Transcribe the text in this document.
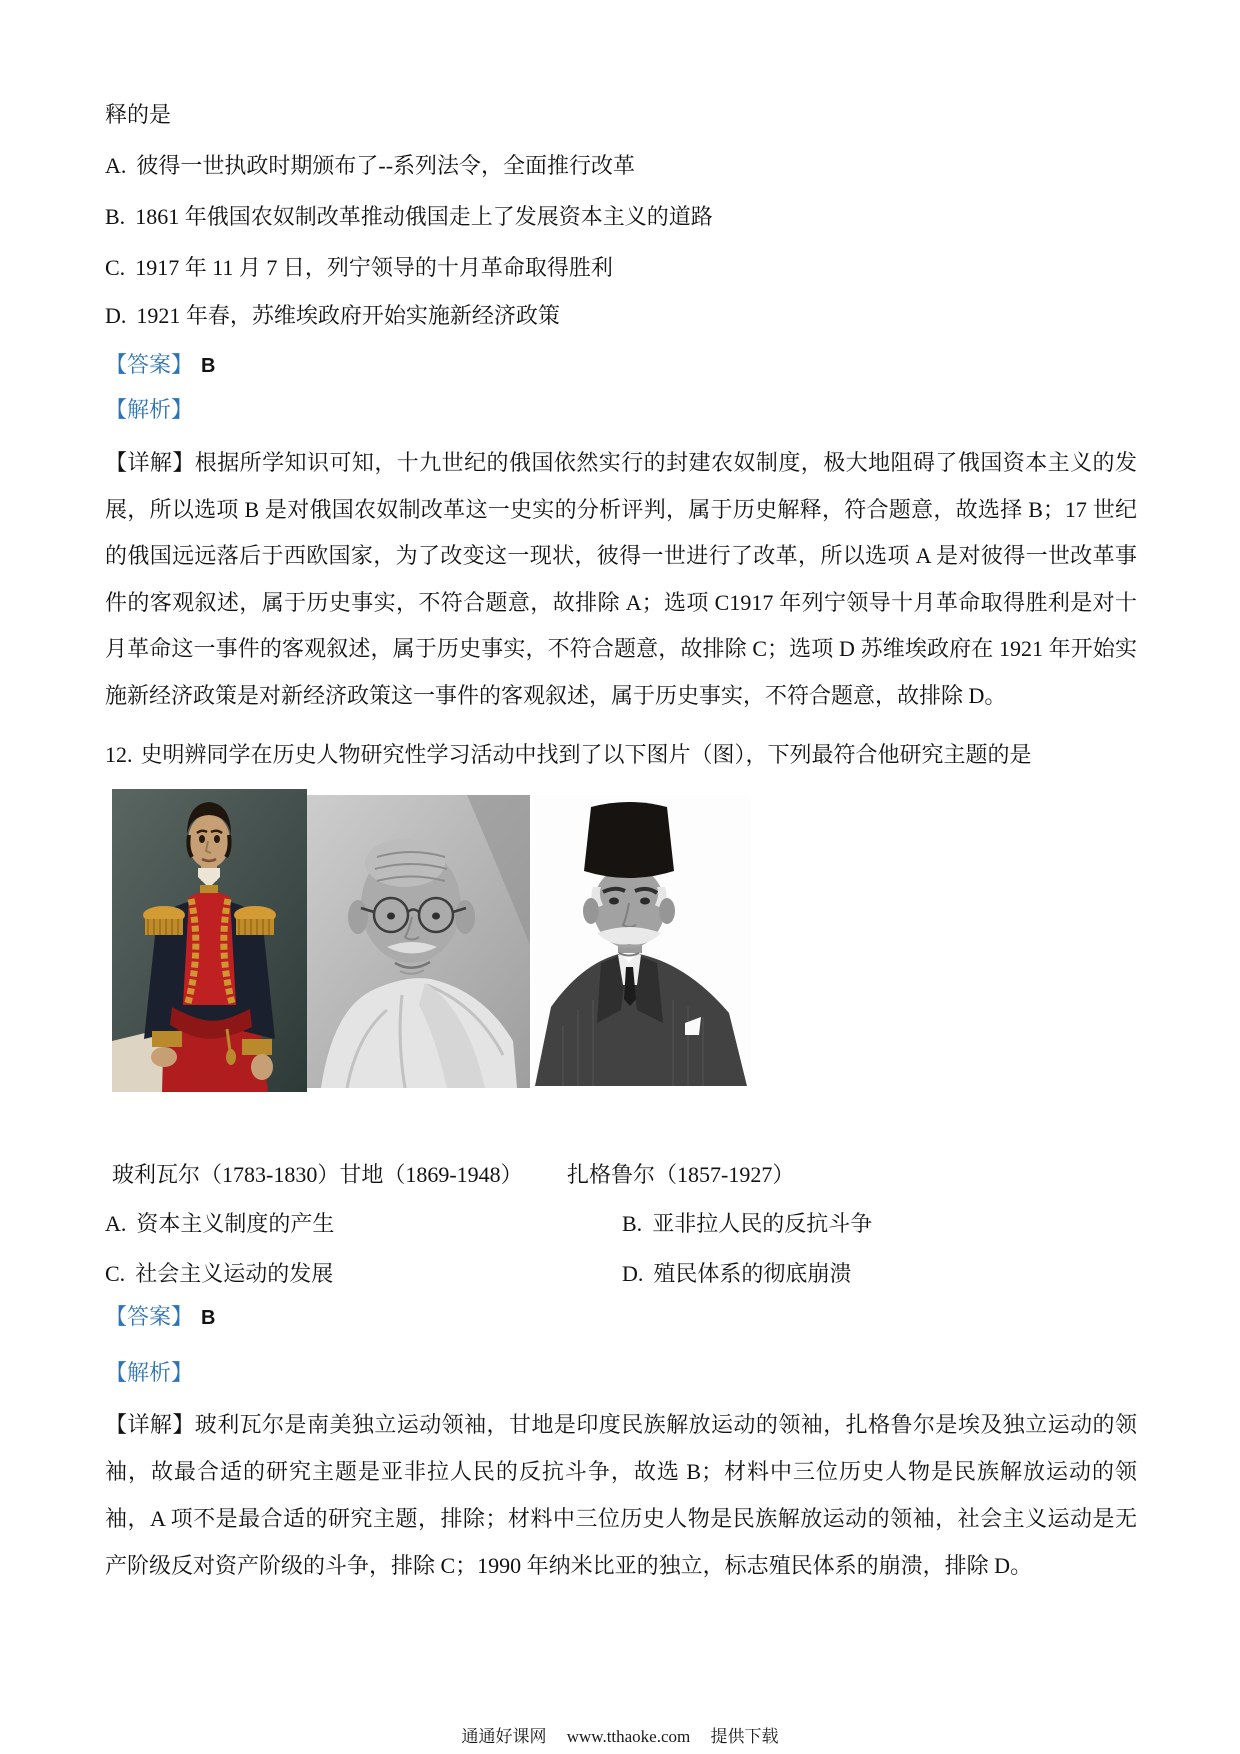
释的是
A. 彼得一世执政时期颁布了--系列法令，全面推行改革
B. 1861 年俄国农奴制改革推动俄国走上了发展资本主义的道路
C. 1917 年 11 月 7 日，列宁领导的十月革命取得胜利
D. 1921 年春，苏维埃政府开始实施新经济政策
【答案】 B
【解析】
【详解】根据所学知识可知，十九世纪的俄国依然实行的封建农奴制度，极大地阻碍了俄国资本主义的发展，所以选项 B 是对俄国农奴制改革这一史实的分析评判，属于历史解释，符合题意，故选择 B；17 世纪的俄国远远落后于西欧国家，为了改变这一现状，彼得一世进行了改革，所以选项 A 是对彼得一世改革事件的客观叙述，属于历史事实，不符合题意，故排除 A；选项 C1917 年列宁领导十月革命取得胜利是对十月革命这一事件的客观叙述，属于历史事实，不符合题意，故排除 C；选项 D 苏维埃政府在 1921 年开始实施新经济政策是对新经济政策这一事件的客观叙述，属于历史事实，不符合题意，故排除 D。
12. 史明辨同学在历史人物研究性学习活动中找到了以下图片（图），下列最符合他研究主题的是
玻利瓦尔（1783-1830）甘地（1869-1948） 扎格鲁尔（1857-1927）
A. 资本主义制度的产生	B. 亚非拉人民的反抗斗争
C. 社会主义运动的发展	D. 殖民体系的彻底崩溃
【答案】 B
【解析】
【详解】玻利瓦尔是南美独立运动领袖，甘地是印度民族解放运动的领袖，扎格鲁尔是埃及独立运动的领袖，故最合适的研究主题是亚非拉人民的反抗斗争，故选 B；材料中三位历史人物是民族解放运动的领袖，A 项不是最合适的研究主题，排除；材料中三位历史人物是民族解放运动的领袖，社会主义运动是无产阶级反对资产阶级的斗争，排除 C；1990 年纳米比亚的独立，标志殖民体系的崩溃，排除 D。
通通好课网 www.tthaoke.com 提供下载
